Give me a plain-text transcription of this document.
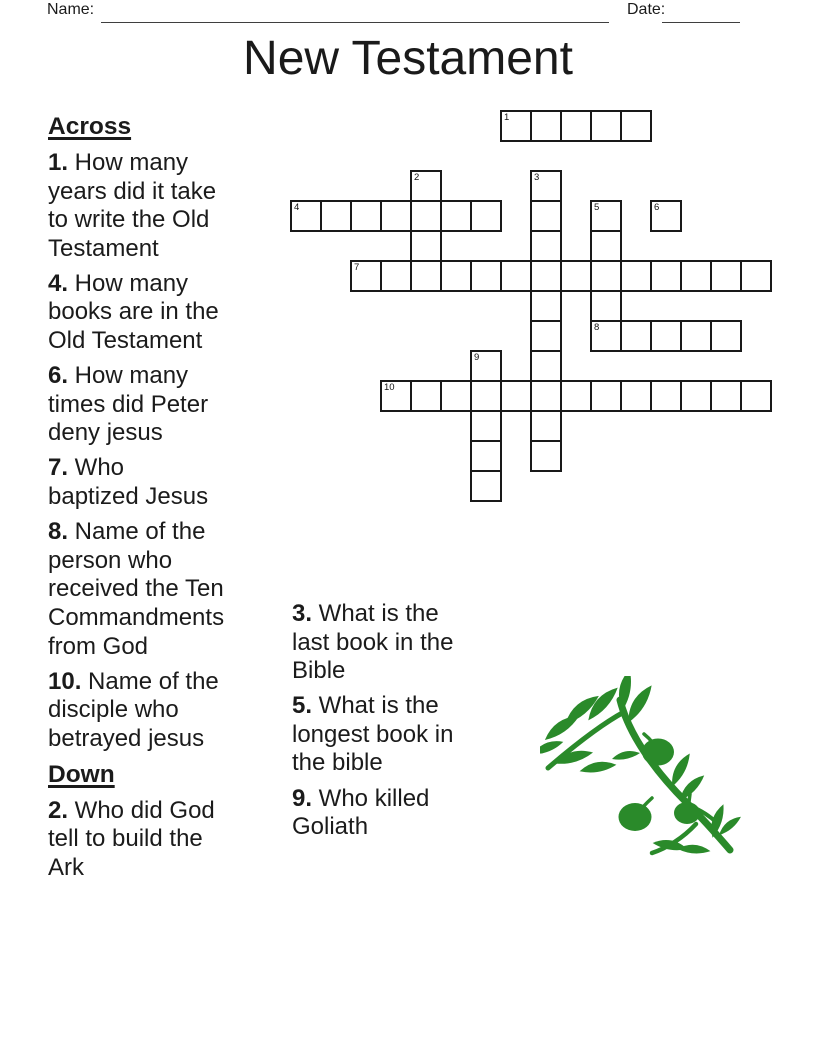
Name:	Date:
New Testament
1
2	3
4	5	6
7
8
9
10
Across
1. How many
years did it take
to write the Old
Testament
4. How many
books are in the
Old Testament
6. How many
times did Peter
deny jesus
7. Who
baptized Jesus
8. Name of the
person who
received the Ten
Commandments
from God
10. Name of the
disciple who
betrayed jesus
Down
2. Who did God
tell to build the
Ark
3. What is the
last book in the
Bible
5. What is the
longest book in
the bible
9. Who killed
Goliath
